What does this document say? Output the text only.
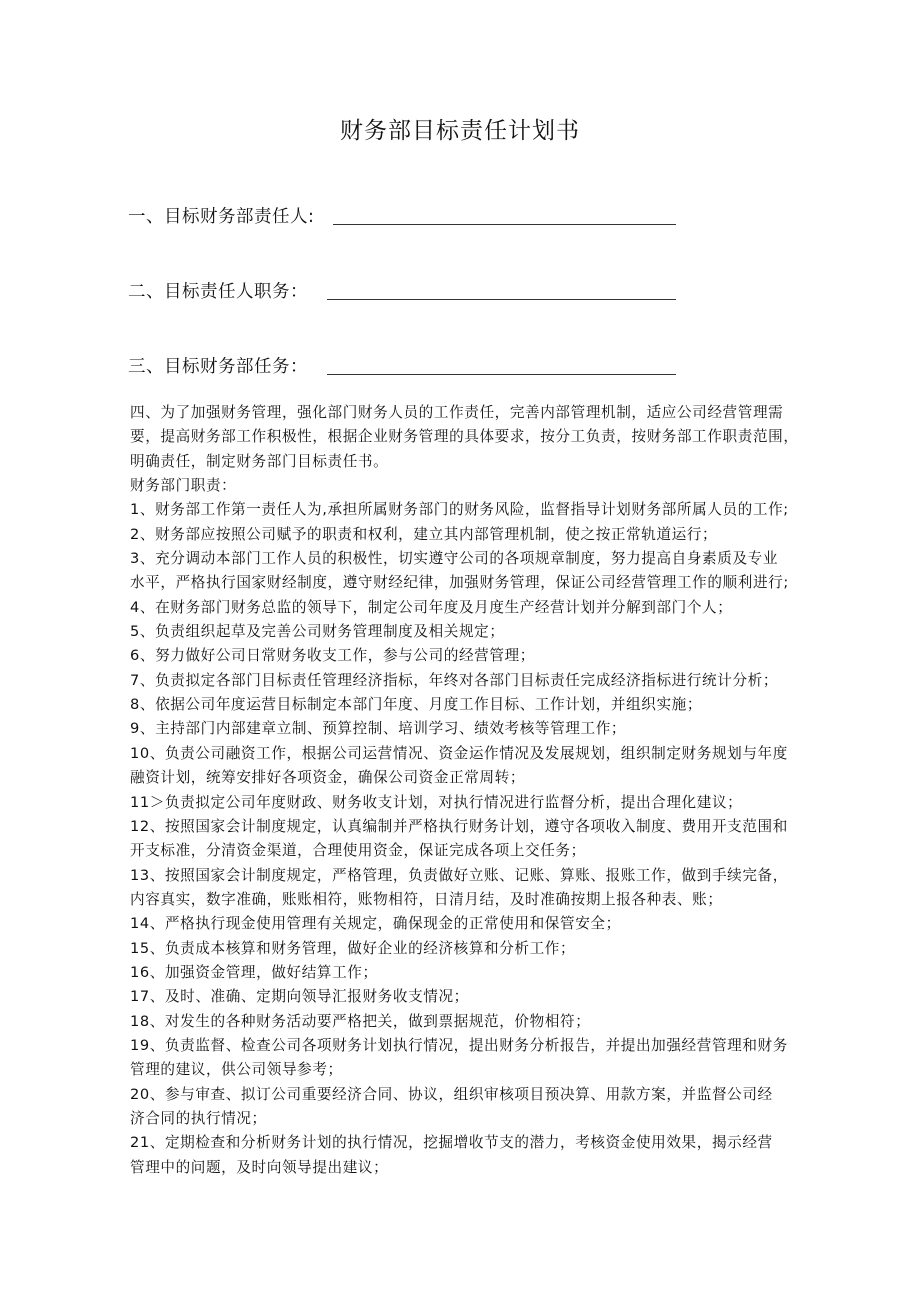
财务部目标责任计划书
一、目标财务部责任人:
二、目标责任人职务：
三、目标财务部任务：
四、为了加强财务管理，强化部门财务人员的工作责任，完善内部管理机制，适应公司经营管理需
要，提高财务部工作积极性，根据企业财务管理的具体要求，按分工负责，按财务部工作职责范围，
明确责任，制定财务部门目标责任书。
财务部门职责：
1、财务部工作第一责任人为,承担所属财务部门的财务风险，监督指导计划财务部所属人员的工作;
2、财务部应按照公司赋予的职责和权利，建立其内部管理机制，使之按正常轨道运行；
3、充分调动本部门工作人员的积极性，切实遵守公司的各项规章制度，努力提高自身素质及专业
水平，严格执行国家财经制度，遵守财经纪律，加强财务管理，保证公司经营管理工作的顺利进行;
4、在财务部门财务总监的领导下，制定公司年度及月度生产经营计划并分解到部门个人；
5、负责组织起草及完善公司财务管理制度及相关规定；
6、努力做好公司日常财务收支工作，参与公司的经营管理；
7、负责拟定各部门目标责任管理经济指标，年终对各部门目标责任完成经济指标进行统计分析；
8、依据公司年度运营目标制定本部门年度、月度工作目标、工作计划，并组织实施；
9、主持部门内部建章立制、预算控制、培训学习、绩效考核等管理工作；
10、负责公司融资工作，根据公司运营情况、资金运作情况及发展规划，组织制定财务规划与年度
融资计划，统筹安排好各项资金，确保公司资金正常周转；
11＞负责拟定公司年度财政、财务收支计划，对执行情况进行监督分析，提出合理化建议；
12、按照国家会计制度规定，认真编制并严格执行财务计划，遵守各项收入制度、费用开支范围和
开支标准，分清资金渠道，合理使用资金，保证完成各项上交任务；
13、按照国家会计制度规定，严格管理，负责做好立账、记账、算账、报账工作，做到手续完备，
内容真实，数字准确，账账相符，账物相符，日清月结，及时准确按期上报各种表、账；
14、严格执行现金使用管理有关规定，确保现金的正常使用和保管安全；
15、负责成本核算和财务管理，做好企业的经济核算和分析工作；
16、加强资金管理，做好结算工作；
17、及时、准确、定期向领导汇报财务收支情况；
18、对发生的各种财务活动要严格把关，做到票据规范，价物相符；
19、负责监督、检查公司各项财务计划执行情况，提出财务分析报告，并提出加强经营管理和财务
管理的建议，供公司领导参考；
20、参与审查、拟订公司重要经济合同、协议，组织审核项目预决算、用款方案，并监督公司经
济合同的执行情况；
21、定期检查和分析财务计划的执行情况，挖掘增收节支的潜力，考核资金使用效果，揭示经营
管理中的问题，及时向领导提出建议；
